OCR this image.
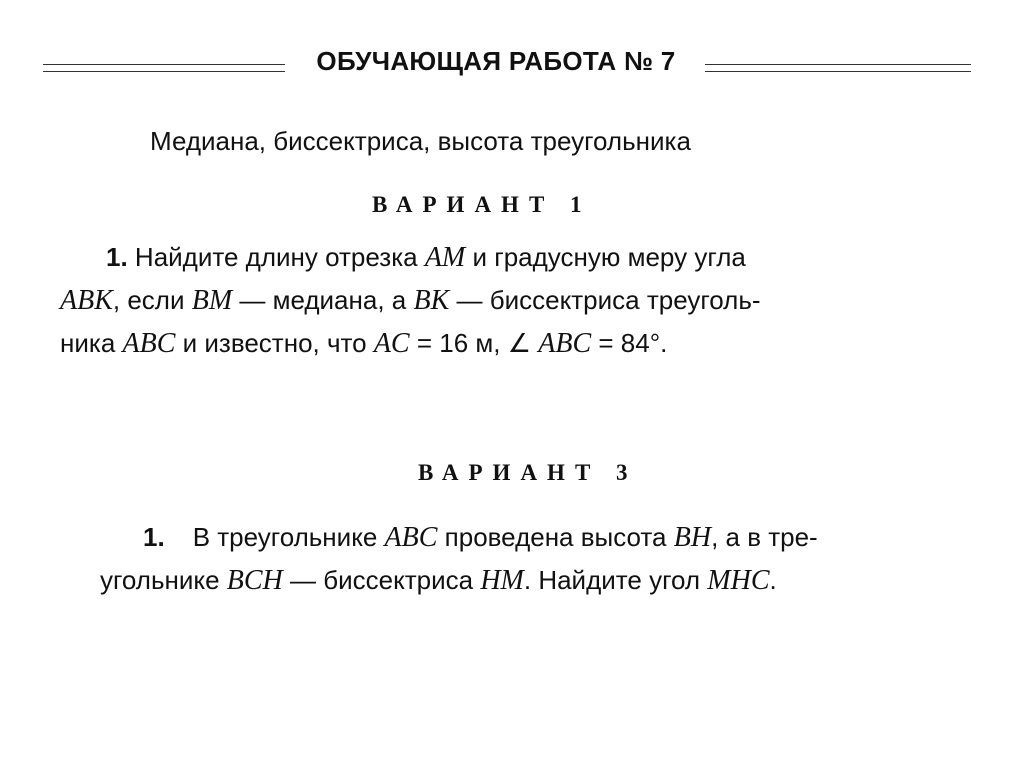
ОБУЧАЮЩАЯ РАБОТА № 7
Медиана, биссектриса, высота треугольника
ВАРИАНТ 1
1. Найдите длину отрезка AM и градусную меру угла
ABK, если BM — медиана, а BK — биссектриса треуголь-
ника ABC и известно, что AC = 16 м, ∠ ABC = 84°.
ВАРИАНТ 3
1. В треугольнике ABC проведена высота BH, а в тре-
угольнике BCH — биссектриса HM. Найдите угол MHC.
